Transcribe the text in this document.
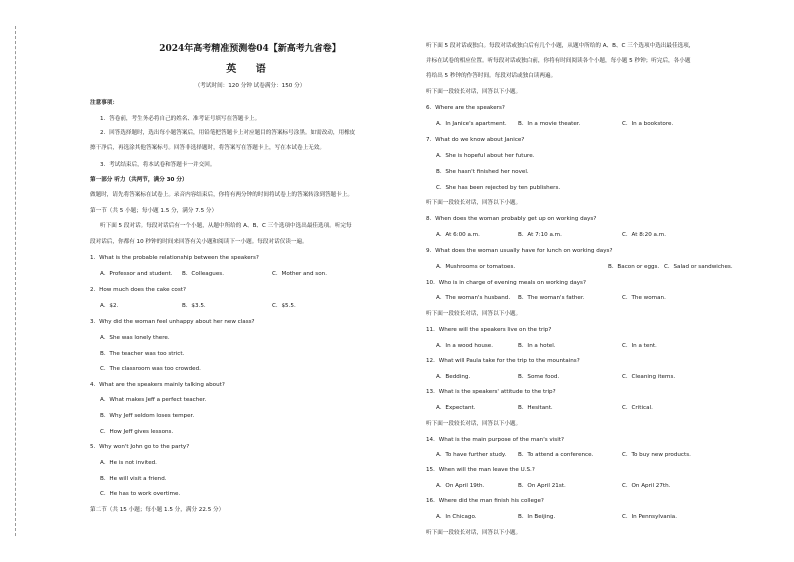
2024年高考精准预测卷04【新高考九省卷】
英 语
（考试时间：120 分钟 试卷满分：150 分）
注意事项：
1．答卷前，考生务必将自己的姓名、准考证号填写在答题卡上。
2．回答选择题时，选出每小题答案后，用铅笔把答题卡上对应题目的答案标号涂黑。如需改动，用橡皮
擦干净后，再选涂其他答案标号。回答非选择题时，将答案写在答题卡上，写在本试卷上无效。
3．考试结束后，将本试卷和答题卡一并交回。
第一部分 听力（共两节，满分 30 分）
做题时，请先将答案标在试卷上。录音内容结束后，你将有两分钟的时间将试卷上的答案转涂到答题卡上。
第一节（共 5 小题；每小题 1.5 分，满分 7.5 分）
听下面 5 段对话。每段对话后有一个小题，从题中所给的 A、B、C 三个选项中选出最佳选项。听完每
段对话后，你都有 10 秒钟的时间来回答有关小题和阅读下一小题。每段对话仅读一遍。
1．What is the probable relationship between the speakers?
A．Professor and student. B．Colleagues.	C．Mother and son.
2．How much does the cake cost?
A．$2.	B．$3.5.	C．$5.5.
3．Why did the woman feel unhappy about her new class?
A．She was lonely there.
B．The teacher was too strict.
C．The classroom was too crowded.
4．What are the speakers mainly talking about?
A．What makes Jeff a perfect teacher.
B．Why Jeff seldom loses temper.
C．How Jeff gives lessons.
5．Why won't John go to the party?
A．He is not invited.
B．He will visit a friend.
C．He has to work overtime.
第二节（共 15 小题；每小题 1.5 分，满分 22.5 分）
听下面 5 段对话或独白。每段对话或独白后有几个小题，从题中所给的 A、B、C 三个选项中选出最佳选项，
并标在试卷的相应位置。听每段对话或独白前，你将有时间阅读各个小题，每小题 5 秒钟；听完后，各小题
将给出 5 秒钟的作答时间。每段对话或独白读两遍。
听下面一段较长对话，回答以下小题。
6．Where are the speakers?
A．In Janice's apartment. B．In a movie theater.	C．In a bookstore.
7．What do we know about Janice?
A．She is hopeful about her future.
B．She hasn't finished her novel.
C．She has been rejected by ten publishers.
听下面一段较长对话，回答以下小题。
8．When does the woman probably get up on working days?
A．At 6:00 a.m.	B．At 7:10 a.m.	C．At 8:20 a.m.
9．What does the woman usually have for lunch on working days?
A．Mushrooms or tomatoes.	B．Bacon or eggs. C．Salad or sandwiches.
10．Who is in charge of evening meals on working days?
A．The woman's husband. B．The woman's father.	C．The woman.
听下面一段较长对话，回答以下小题。
11．Where will the speakers live on the trip?
A．In a wood house.	B．In a hotel.	C．In a tent.
12．What will Paula take for the trip to the mountains?
A．Bedding.	B．Some food.	C．Cleaning items.
13．What is the speakers' attitude to the trip?
A．Expectant.	B．Hesitant.	C．Critical.
听下面一段较长对话，回答以下小题。
14．What is the main purpose of the man's visit?
A．To have further study. B．To attend a conference.	C．To buy new products.
15．When will the man leave the U.S.?
A．On April 19th.	B．On April 21st.	C．On April 27th.
16．Where did the man finish his college?
A．In Chicago.	B．In Beijing.	C．In Pennsylvania.
听下面一段较长对话，回答以下小题。
